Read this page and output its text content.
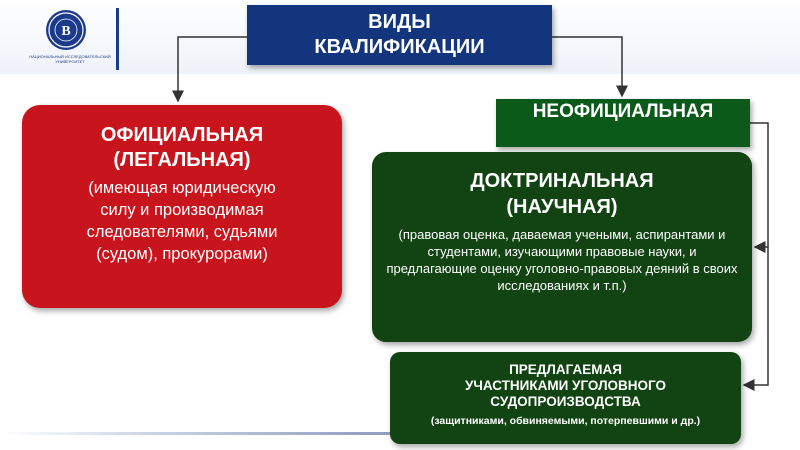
В
НАЦИОНАЛЬНЫЙ ИССЛЕДОВАТЕЛЬСКИЙ УНИВЕРСИТЕТ
ВИДЫ
КВАЛИФИКАЦИИ
ОФИЦИАЛЬНАЯ
(ЛЕГАЛЬНАЯ)
(имеющая юридическую
силу и производимая
следователями, судьями
(судом), прокурорами)
НЕОФИЦИАЛЬНАЯ
ДОКТРИНАЛЬНАЯ
(НАУЧНАЯ)
(правовая оценка, даваемая учеными, аспирантами и студентами, изучающими правовые науки, и предлагающие оценку уголовно-правовых деяний в своих исследованиях и т.п.)
ПРЕДЛАГАЕМАЯ
УЧАСТНИКАМИ УГОЛОВНОГО
СУДОПРОИЗВОДСТВА
(защитниками, обвиняемыми, потерпевшими и др.)
